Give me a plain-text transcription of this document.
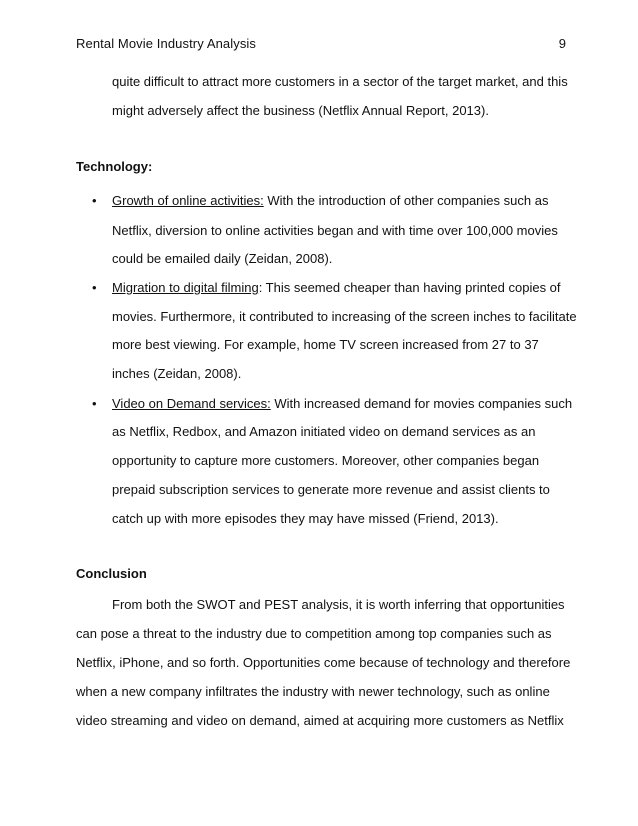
Rental Movie Industry Analysis	9
quite difficult to attract more customers in a sector of the target market, and this
might adversely affect the business (Netflix Annual Report, 2013).
Technology:
• Growth of online activities: With the introduction of other companies such as
Netflix, diversion to online activities began and with time over 100,000 movies
could be emailed daily (Zeidan, 2008).
• Migration to digital filming: This seemed cheaper than having printed copies of
movies. Furthermore, it contributed to increasing of the screen inches to facilitate
more best viewing. For example, home TV screen increased from 27 to 37
inches (Zeidan, 2008).
• Video on Demand services: With increased demand for movies companies such
as Netflix, Redbox, and Amazon initiated video on demand services as an
opportunity to capture more customers. Moreover, other companies began
prepaid subscription services to generate more revenue and assist clients to
catch up with more episodes they may have missed (Friend, 2013).
Conclusion
From both the SWOT and PEST analysis, it is worth inferring that opportunities
can pose a threat to the industry due to competition among top companies such as
Netflix, iPhone, and so forth. Opportunities come because of technology and therefore
when a new company infiltrates the industry with newer technology, such as online
video streaming and video on demand, aimed at acquiring more customers as Netflix
